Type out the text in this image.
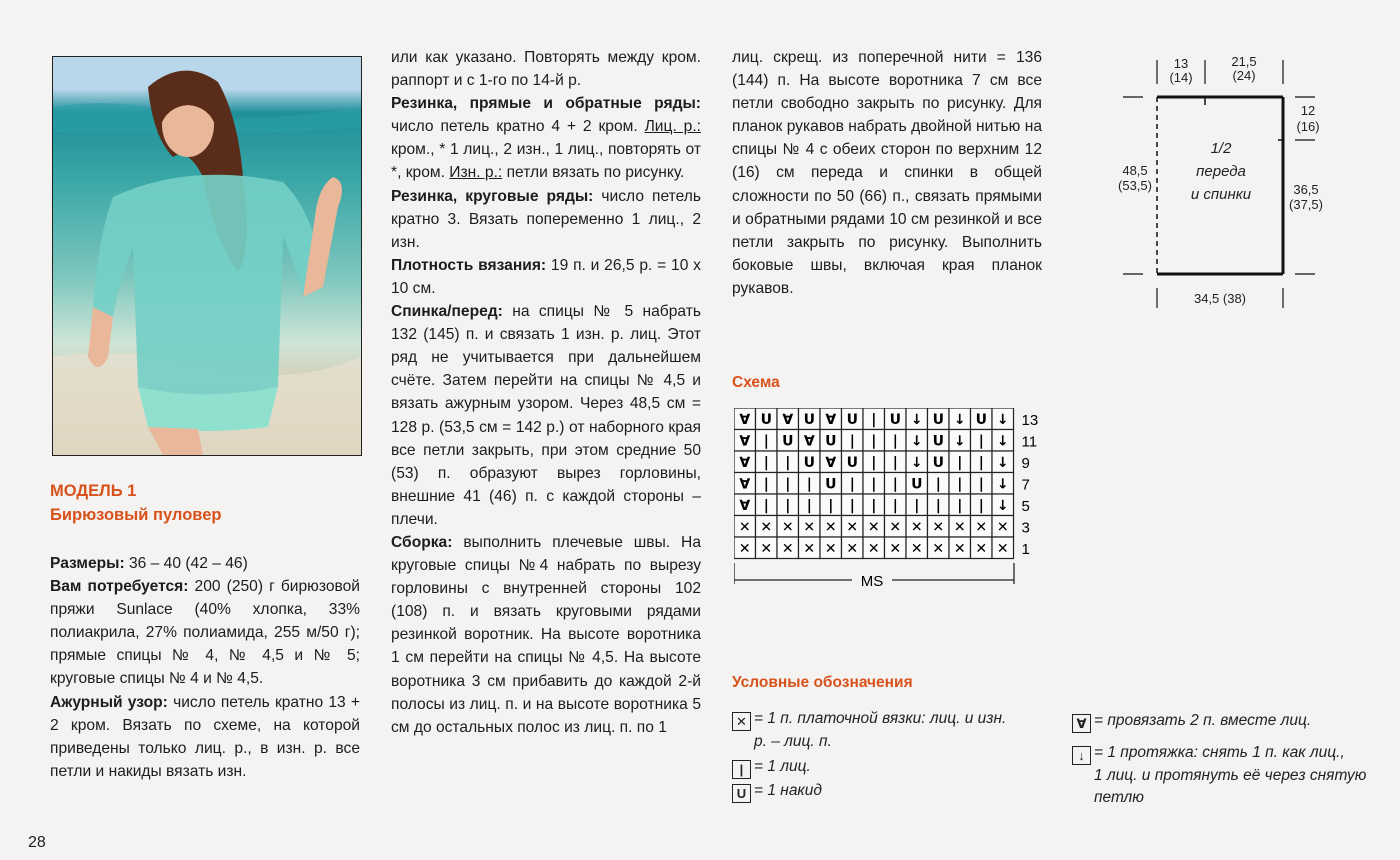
МОДЕЛЬ 1
Бирюзовый пуловер

Размеры: 36 – 40 (42 – 46)

Вам потребуется: 200 (250) г бирюзовой пряжи Sunlace (40% хлопка, 33% полиакрила, 27% полиамида, 255 м/50 г); прямые спицы № 4, № 4,5 и № 5; круговые спицы № 4 и № 4,5.

Ажурный узор: число петель кратно 13 + 2 кром. Вязать по схеме, на которой приведены только лиц. р., в изн. р. все петли и накиды вязать изн.

или как указано. Повторять между кром. раппорт и с 1-го по 14-й р.

Резинка, прямые и обратные ряды: число петель кратно 4 + 2 кром. Лиц. р.: кром., * 1 лиц., 2 изн., 1 лиц., повторять от *, кром. Изн. р.: петли вязать по рисунку.

Резинка, круговые ряды: число петель кратно 3. Вязать попеременно 1 лиц., 2 изн.

Плотность вязания: 19 п. и 26,5 р. = 10 х 10 см.

Спинка/перед: на спицы № 5 набрать 132 (145) п. и связать 1 изн. р. лиц. Этот ряд не учитывается при дальнейшем счёте. Затем перейти на спицы № 4,5 и вязать ажурным узором. Через 48,5 см = 128 р. (53,5 см = 142 р.) от наборного края все петли закрыть, при этом средние 50 (53) п. образуют вырез горловины, внешние 41 (46) п. с каждой стороны – плечи.

Сборка: выполнить плечевые швы. На круговые спицы №4 набрать по вырезу горловины с внутренней стороны 102 (108) п. и вязать круговыми рядами резинкой воротник. На высоте воротника 1 см перейти на спицы № 4,5. На высоте воротника 3 см прибавить до каждой 2-й полосы из лиц. п. и на высоте воротника 5 см до остальных полос из лиц. п. по 1

лиц. скрещ. из поперечной нити = 136 (144) п. На высоте воротника 7 см все петли свободно закрыть по рисунку. Для планок рукавов набрать двойной нитью на спицы № 4 с обеих сторон по верхним 12 (16) см переда и спинки в общей сложности по 50 (66) п., связать прямыми и обратными рядами 10 см резинкой и все петли закрыть по рисунку. Выполнить боковые швы, включая края планок рукавов.

Схема
∀ U ∀ U ∀ U | U ↓ U ↓ U ↓
∀ | U ∀ U | | | ↓ U ↓ | ↓
∀ | | U ∀ U | | ↓ U | | ↓
∀ | | | U | | | U | | | ↓
∀ | | | | | | | | | | | ↓
✕ ✕ ✕ ✕ ✕ ✕ ✕ ✕ ✕ ✕ ✕ ✕ ✕
✕ ✕ ✕ ✕ ✕ ✕ ✕ ✕ ✕ ✕ ✕ ✕ ✕
13
11
9
7
5
3
1
MS
Условные обозначения
✕ = 1 п. платочной вязки: лиц. и изн.
р. – лиц. п.
| = 1 лиц.
U = 1 накид
∀ = провязать 2 п. вместе лиц.
↓ = 1 протяжка: снять 1 п. как лиц.,
1 лиц. и протянуть её через снятую
петлю
13
(14)
21,5
(24)
12
(16)
48,5
(53,5)	36,5
(37,5)
34,5 (38)
1/2
переда
и спинки
28
